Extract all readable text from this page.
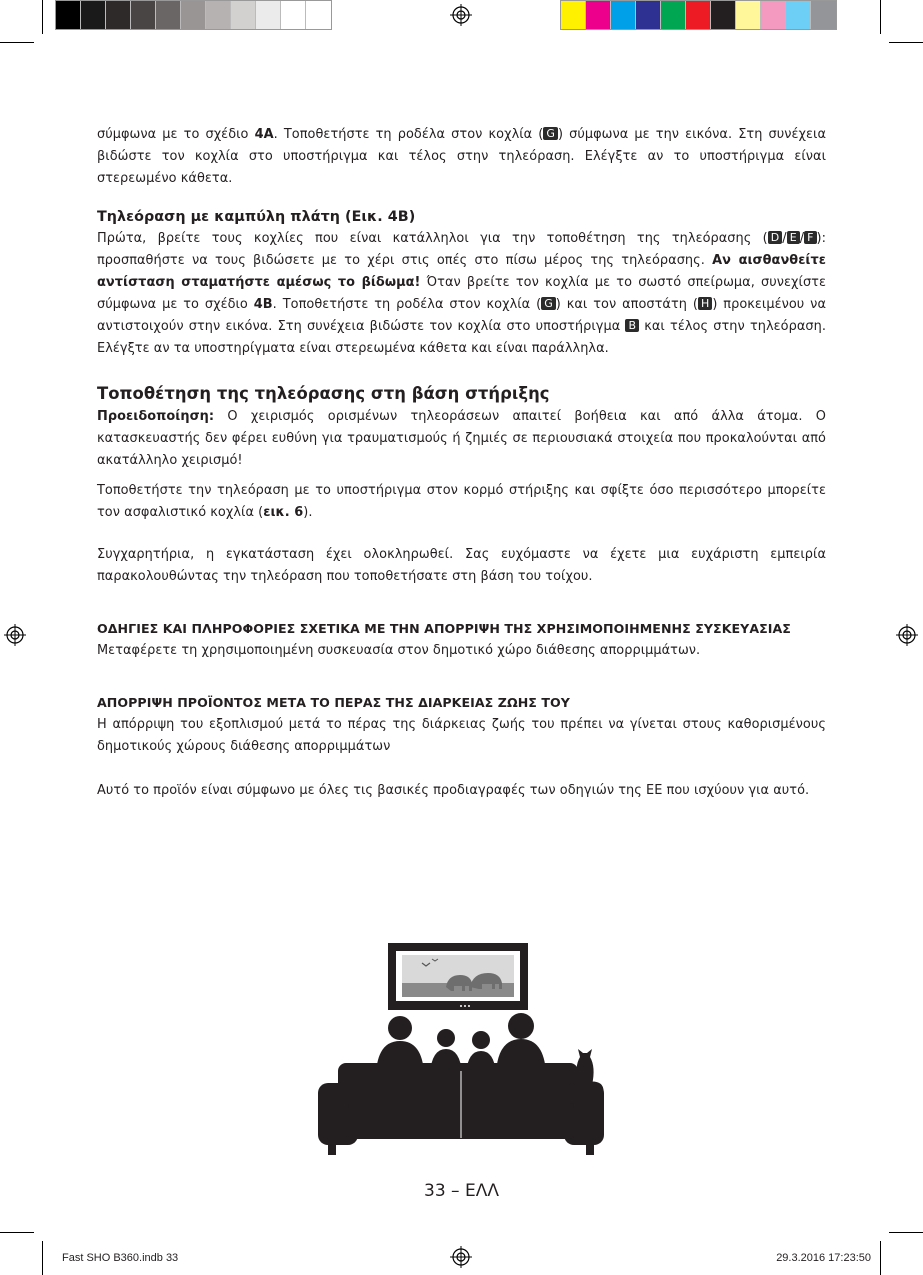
σύμφωνα με το σχέδιο 4A. Τοποθετήστε τη ροδέλα στον κοχλία ( G ) σύμφωνα με την εικόνα. Στη συνέχεια βιδώστε τον κοχλία στο υποστήριγμα και τέλος στην τηλεόραση. Ελέγξτε αν το υποστήριγμα είναι στερεωμένο κάθετα.

Τηλεόραση με καμπύλη πλάτη (Εικ. 4B)

Πρώτα, βρείτε τους κοχλίες που είναι κατάλληλοι για την τοποθέτηση της τηλεόρασης ( D / E / F ): προσπαθήστε να τους βιδώσετε με το χέρι στις οπές στο πίσω μέρος της τηλεόρασης. Αν αισθανθείτε αντίσταση σταματήστε αμέσως το βίδωμα! Όταν βρείτε τον κοχλία με το σωστό σπείρωμα, συνεχίστε σύμφωνα με το σχέδιο 4B. Τοποθετήστε τη ροδέλα στον κοχλία ( G ) και τον αποστάτη ( H ) προκειμένου να αντιστοιχούν στην εικόνα. Στη συνέχεια βιδώστε τον κοχλία στο υποστήριγμα B και τέλος στην τηλεόραση. Ελέγξτε αν τα υποστηρίγματα είναι στερεωμένα κάθετα και είναι παράλληλα.

Τοποθέτηση της τηλεόρασης στη βάση στήριξης

Προειδοποίηση: Ο χειρισμός ορισμένων τηλεοράσεων απαιτεί βοήθεια και από άλλα άτομα. Ο κατασκευαστής δεν φέρει ευθύνη για τραυματισμούς ή ζημιές σε περιουσιακά στοιχεία που προκαλούνται από ακατάλληλο χειρισμό!

Τοποθετήστε την τηλεόραση με το υποστήριγμα στον κορμό στήριξης και σφίξτε όσο περισσότερο μπορείτε τον ασφαλιστικό κοχλία (εικ. 6).

Συγχαρητήρια, η εγκατάσταση έχει ολοκληρωθεί. Σας ευχόμαστε να έχετε μια ευχάριστη εμπειρία παρακολουθώντας την τηλεόραση που τοποθετήσατε στη βάση του τοίχου.

ΟΔΗΓΙΕΣ ΚΑΙ ΠΛΗΡΟΦΟΡΙΕΣ ΣΧΕΤΙΚΑ ΜΕ ΤΗΝ ΑΠΟΡΡΙΨΗ ΤΗΣ ΧΡΗΣΙΜΟΠΟΙΗΜΕΝΗΣ ΣΥΣΚΕΥΑΣΙΑΣ

Μεταφέρετε τη χρησιμοποιημένη συσκευασία στον δημοτικό χώρο διάθεσης απορριμμάτων.

ΑΠΟΡΡΙΨΗ ΠΡΟΪΟΝΤΟΣ ΜΕΤΑ ΤΟ ΠΕΡΑΣ ΤΗΣ ΔΙΑΡΚΕΙΑΣ ΖΩΗΣ ΤΟΥ

Η απόρριψη του εξοπλισμού μετά το πέρας της διάρκειας ζωής του πρέπει να γίνεται στους καθορισμένους δημοτικούς χώρους διάθεσης απορριμμάτων

Αυτό το προϊόν είναι σύμφωνο με όλες τις βασικές προδιαγραφές των οδηγιών της ΕΕ που ισχύουν για αυτό.

33 – ΕΛΛ
Fast SHO B360.indb 33	29.3.2016 17:23:50
